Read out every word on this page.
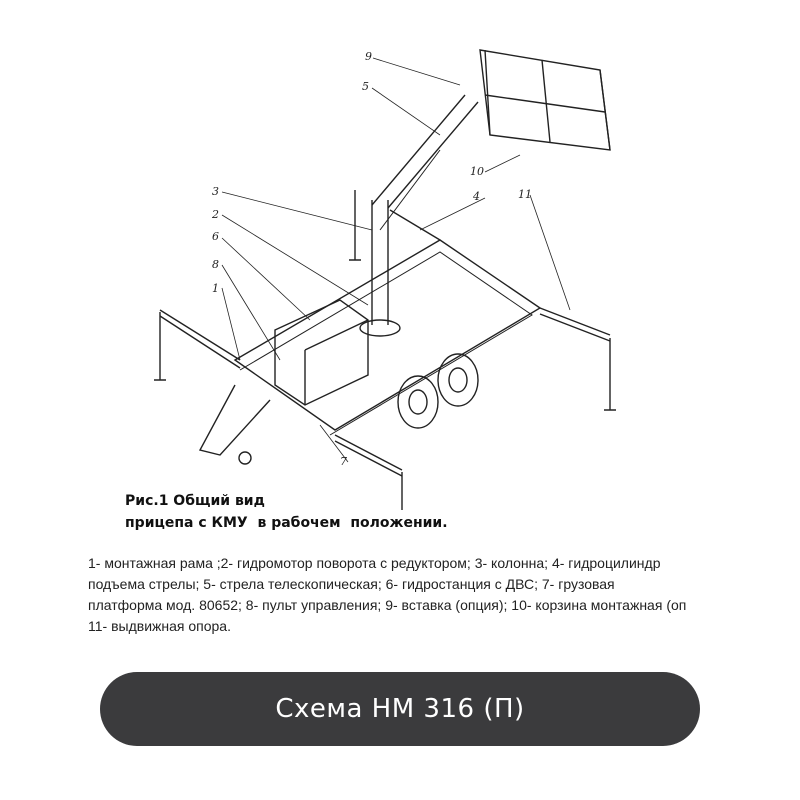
9
5
10
3
2
6
8
1
4	11
7
Рис.1 Общий вид
прицепа с КМУ  в рабочем  положении.
1- монтажная рама ;2- гидромотор поворота с редуктором; 3- колонна; 4- гидроцилиндр
подъема стрелы; 5- стрела телескопическая; 6- гидростанция с ДВС; 7- грузовая
платформа мод. 80652; 8- пульт управления; 9- вставка (опция); 10- корзина монтажная (оп
11- выдвижная опора.
Схема НМ 316 (П)
